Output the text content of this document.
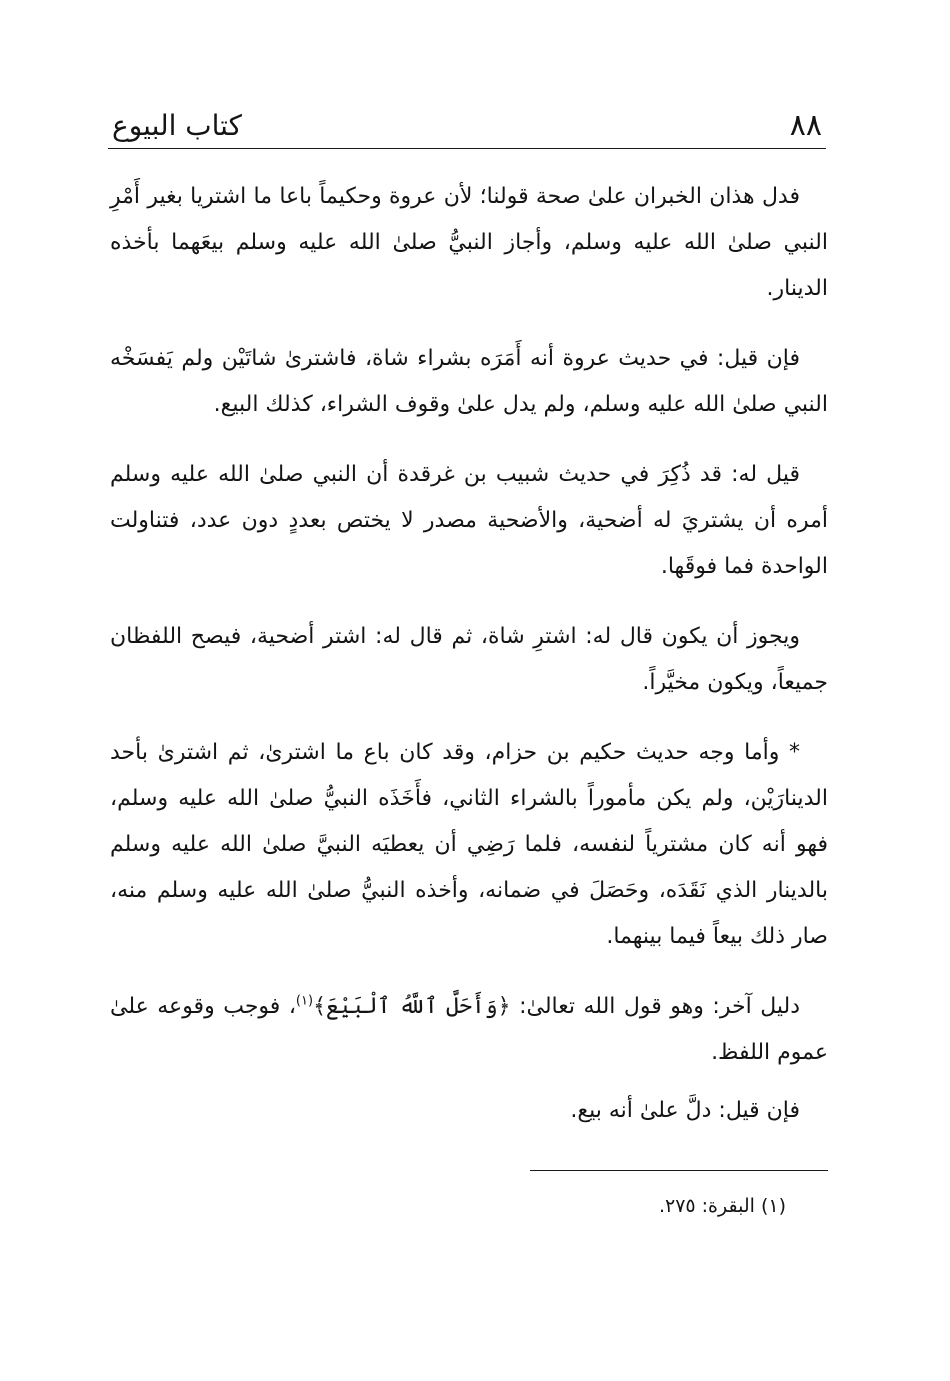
٨٨
كتاب البيوع

فدل هذان الخبران علىٰ صحة قولنا؛ لأن عروة وحكيماً باعا ما اشتريا بغير أَمْرِ النبي صلىٰ الله عليه وسلم، وأجاز النبيُّ صلىٰ الله عليه وسلم بيعَهما بأخذه الدينار.

فإن قيل: في حديث عروة أنه أَمَرَه بشراء شاة، فاشترىٰ شاتَيْن ولم يَفسَخْه النبي صلىٰ الله عليه وسلم، ولم يدل علىٰ وقوف الشراء، كذلك البيع.

قيل له: قد ذُكِرَ في حديث شبيب بن غرقدة أن النبي صلىٰ الله عليه وسلم أمره أن يشتريَ له أضحية، والأضحية مصدر لا يختص بعددٍ دون عدد، فتناولت الواحدة فما فوقَها.

ويجوز أن يكون قال له: اشترِ شاة، ثم قال له: اشتر أضحية، فيصح اللفظان جميعاً، ويكون مخيَّراً.

* وأما وجه حديث حكيم بن حزام، وقد كان باع ما اشترىٰ، ثم اشترىٰ بأحد الدينارَيْن، ولم يكن مأموراً بالشراء الثاني، فأَخَذَه النبيُّ صلىٰ الله عليه وسلم، فهو أنه كان مشترياً لنفسه، فلما رَضِي أن يعطيَه النبيَّ صلىٰ الله عليه وسلم بالدينار الذي نَقَدَه، وحَصَلَ في ضمانه، وأخذه النبيُّ صلىٰ الله عليه وسلم منه، صار ذلك بيعاً فيما بينهما.

دليل آخر: وهو قول الله تعالىٰ: ﴿وَأَحَلَّ ٱللَّهُ ٱلْبَيْعَ﴾$^{(١)}$، فوجب وقوعه علىٰ عموم اللفظ.

فإن قيل: دلَّ علىٰ أنه بيع.

(١) البقرة: ٢٧٥.
